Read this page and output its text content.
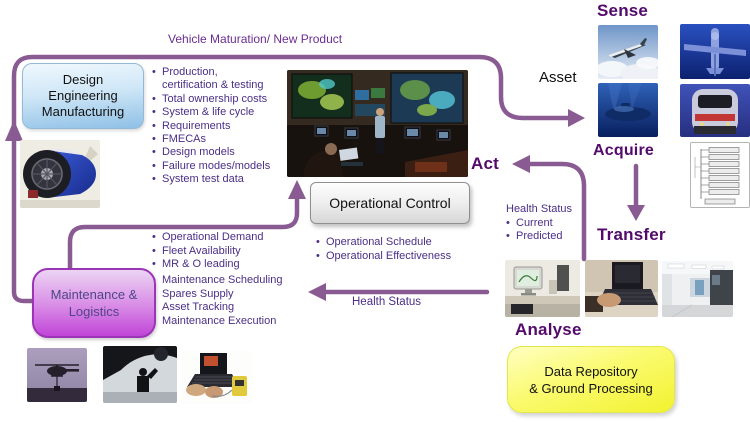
Vehicle Maturation/ New Product
Design
Engineering
Manufacturing
• Production,
certification & testing
• Total ownership costs
• System & life cycle
• Requirements
• FMECAs
• Design models
• Failure modes/models
• System test data
Operational Control
• Operational Schedule
• Operational Effectiveness
• Operational Demand
• Fleet Availability
• MR & O leading
Maintenance Scheduling
Spares Supply
Asset Tracking
Maintenance Execution
Maintenance &
Logistics
Act
Asset
Sense
Acquire
Transfer
Analyse
Health Status
• Current
• Predicted
Data Repository
& Ground Processing
Health Status
